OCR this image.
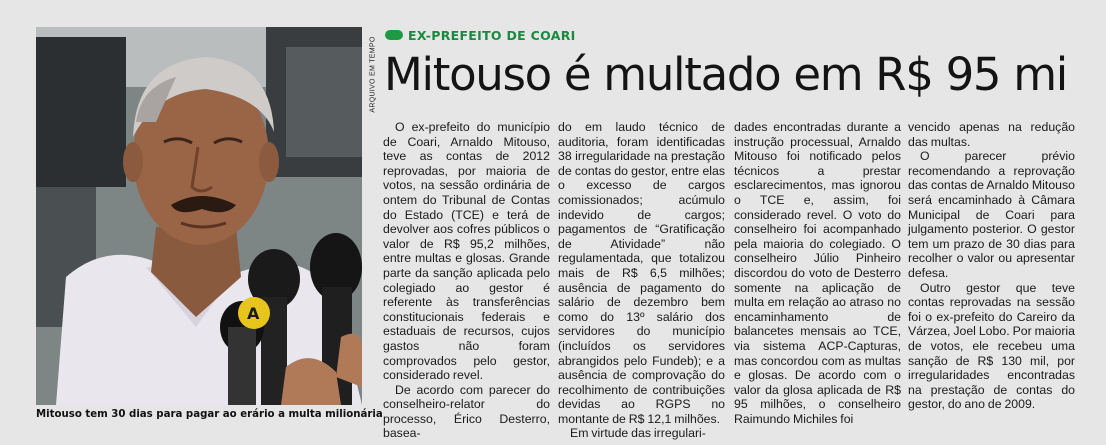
A
ARQUIVO EM TEMPO
Mitouso tem 30 dias para pagar ao erário a multa milionária
EX-PREFEITO DE COARI
Mitouso é multado em R$ 95 mi

O ex-prefeito do município de Coari, Arnaldo Mitouso, teve as contas de 2012 reprovadas, por maioria de votos, na sessão ordinária de ontem do Tribunal de Contas do Estado (TCE) e terá de devolver aos cofres públicos o valor de R$ 95,2 milhões, entre multas e glosas. Grande parte da sanção aplicada pelo colegiado ao gestor é referente às transferências constitucionais federais e estaduais de recursos, cujos gastos não foram comprovados pelo gestor, considerado revel.

De acordo com parecer do conselheiro-relator do processo, Érico Desterro, basea-

do em laudo técnico de auditoria, foram identificadas 38 irregularidade na prestação de contas do gestor, entre elas o excesso de cargos comissionados; acúmulo indevido de cargos; pagamentos de “Gratificação de Atividade” não regulamentada, que totalizou mais de R$ 6,5 milhões; ausência de pagamento do salário de dezembro bem como do 13º salário dos servidores do município (incluídos os servidores abrangidos pelo Fundeb); e a ausência de comprovação do recolhimento de contribuições devidas ao RGPS no montante de R$ 12,1 milhões.

Em virtude das irregulari-

dades encontradas durante a instrução processual, Arnaldo Mitouso foi notificado pelos técnicos a prestar esclarecimentos, mas ignorou o TCE e, assim, foi considerado revel. O voto do conselheiro foi acompanhado pela maioria do colegiado. O conselheiro Júlio Pinheiro discordou do voto de Desterro somente na aplicação de multa em relação ao atraso no encaminhamento de balancetes mensais ao TCE, via sistema ACP-Capturas, mas concordou com as multas e glosas. De acordo com o valor da glosa aplicada de R$ 95 milhões, o conselheiro Raimundo Michiles foi

vencido apenas na redução das multas.

O parecer prévio recomendando a reprovação das contas de Arnaldo Mitouso será encaminhado à Câmara Municipal de Coari para julgamento posterior. O gestor tem um prazo de 30 dias para recolher o valor ou apresentar defesa.

Outro gestor que teve contas reprovadas na sessão foi o ex-prefeito do Careiro da Várzea, Joel Lobo. Por maioria de votos, ele recebeu uma sanção de R$ 130 mil, por irregularidades encontradas na prestação de contas do gestor, do ano de 2009.
